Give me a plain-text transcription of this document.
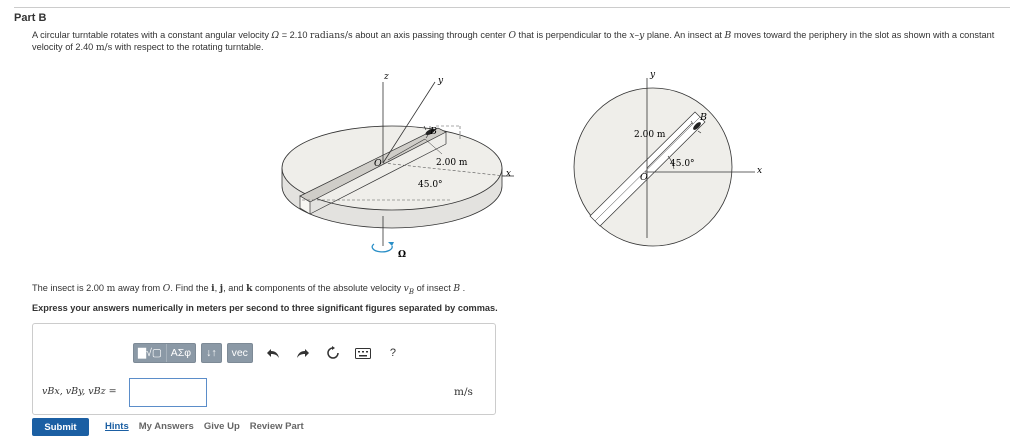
Part B
A circular turntable rotates with a constant angular velocity Ω = 2.10 radians/s about an axis passing through center O that is perpendicular to the x–y plane. An insect at B moves toward the periphery in the slot as shown with a constant velocity of 2.40 m/s with respect to the rotating turntable.
z	y
x
O
B
2.00 m
45.0°
Ω
y
x
O
B
2.00 m
45.0°
The insect is 2.00 m away from O. Find the i, j, and k components of the absolute velocity $v_B$ of insect B .
Express your answers numerically in meters per second to three significant figures separated by commas.
▇√▢ ΑΣφ	↓↑	vec	?
vBx, vBy, vBz =	m/s
Submit	Hints My Answers Give Up Review Part
